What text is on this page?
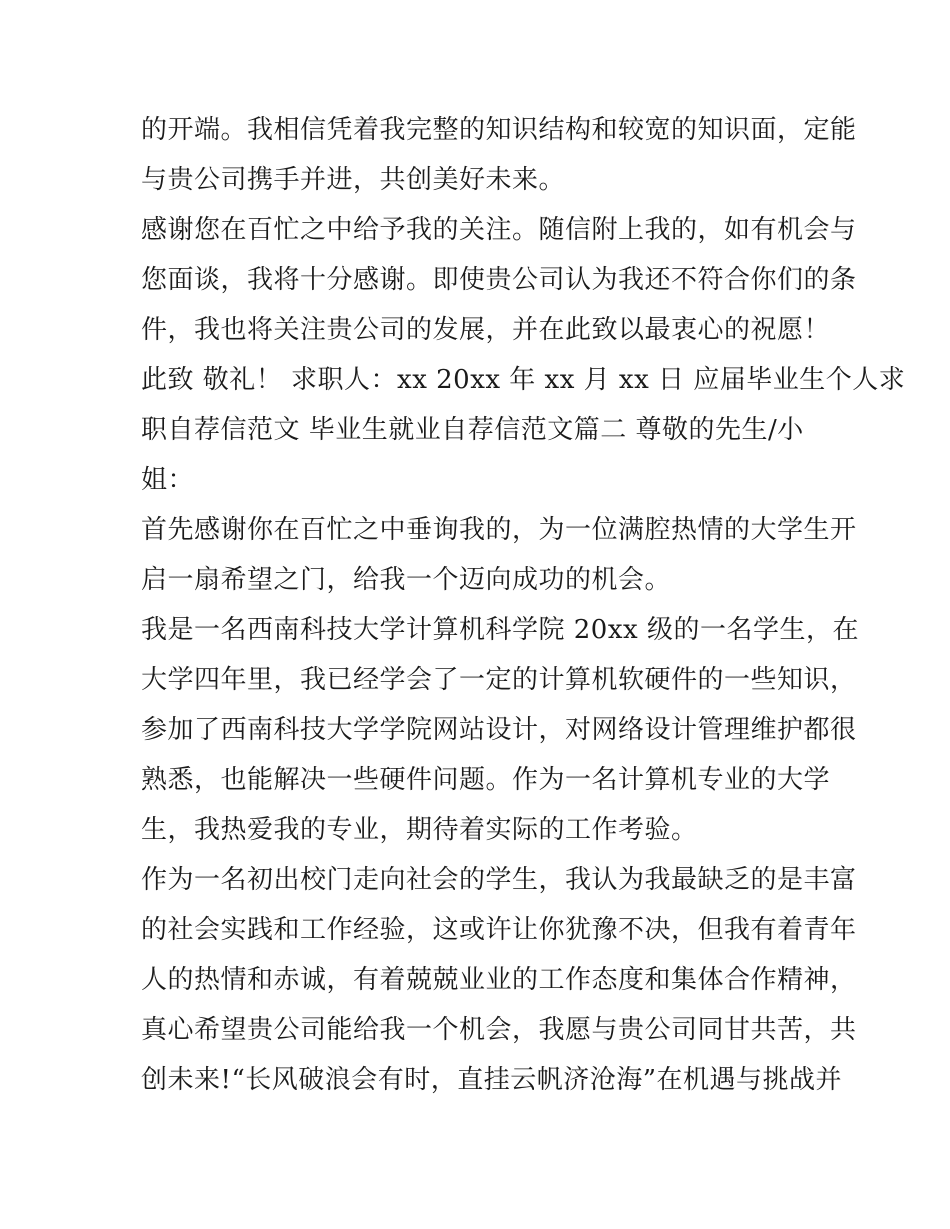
的开端。我相信凭着我完整的知识结构和较宽的知识面，定能
与贵公司携手并进，共创美好未来。
感谢您在百忙之中给予我的关注。随信附上我的，如有机会与
您面谈，我将十分感谢。即使贵公司认为我还不符合你们的条
件，我也将关注贵公司的发展，并在此致以最衷心的祝愿！
此致 敬礼！ 求职人：xx 20xx 年 xx 月 xx 日 应届毕业生个人求
职自荐信范文 毕业生就业自荐信范文篇二 尊敬的先生/小
姐：
首先感谢你在百忙之中垂询我的，为一位满腔热情的大学生开
启一扇希望之门，给我一个迈向成功的机会。
我是一名西南科技大学计算机科学院 20xx 级的一名学生，在
大学四年里，我已经学会了一定的计算机软硬件的一些知识，
参加了西南科技大学学院网站设计，对网络设计管理维护都很
熟悉，也能解决一些硬件问题。作为一名计算机专业的大学
生，我热爱我的专业，期待着实际的工作考验。
作为一名初出校门走向社会的学生，我认为我最缺乏的是丰富
的社会实践和工作经验，这或许让你犹豫不决，但我有着青年
人的热情和赤诚，有着兢兢业业的工作态度和集体合作精神，
真心希望贵公司能给我一个机会，我愿与贵公司同甘共苦，共
创未来!“长风破浪会有时，直挂云帆济沧海”在机遇与挑战并
